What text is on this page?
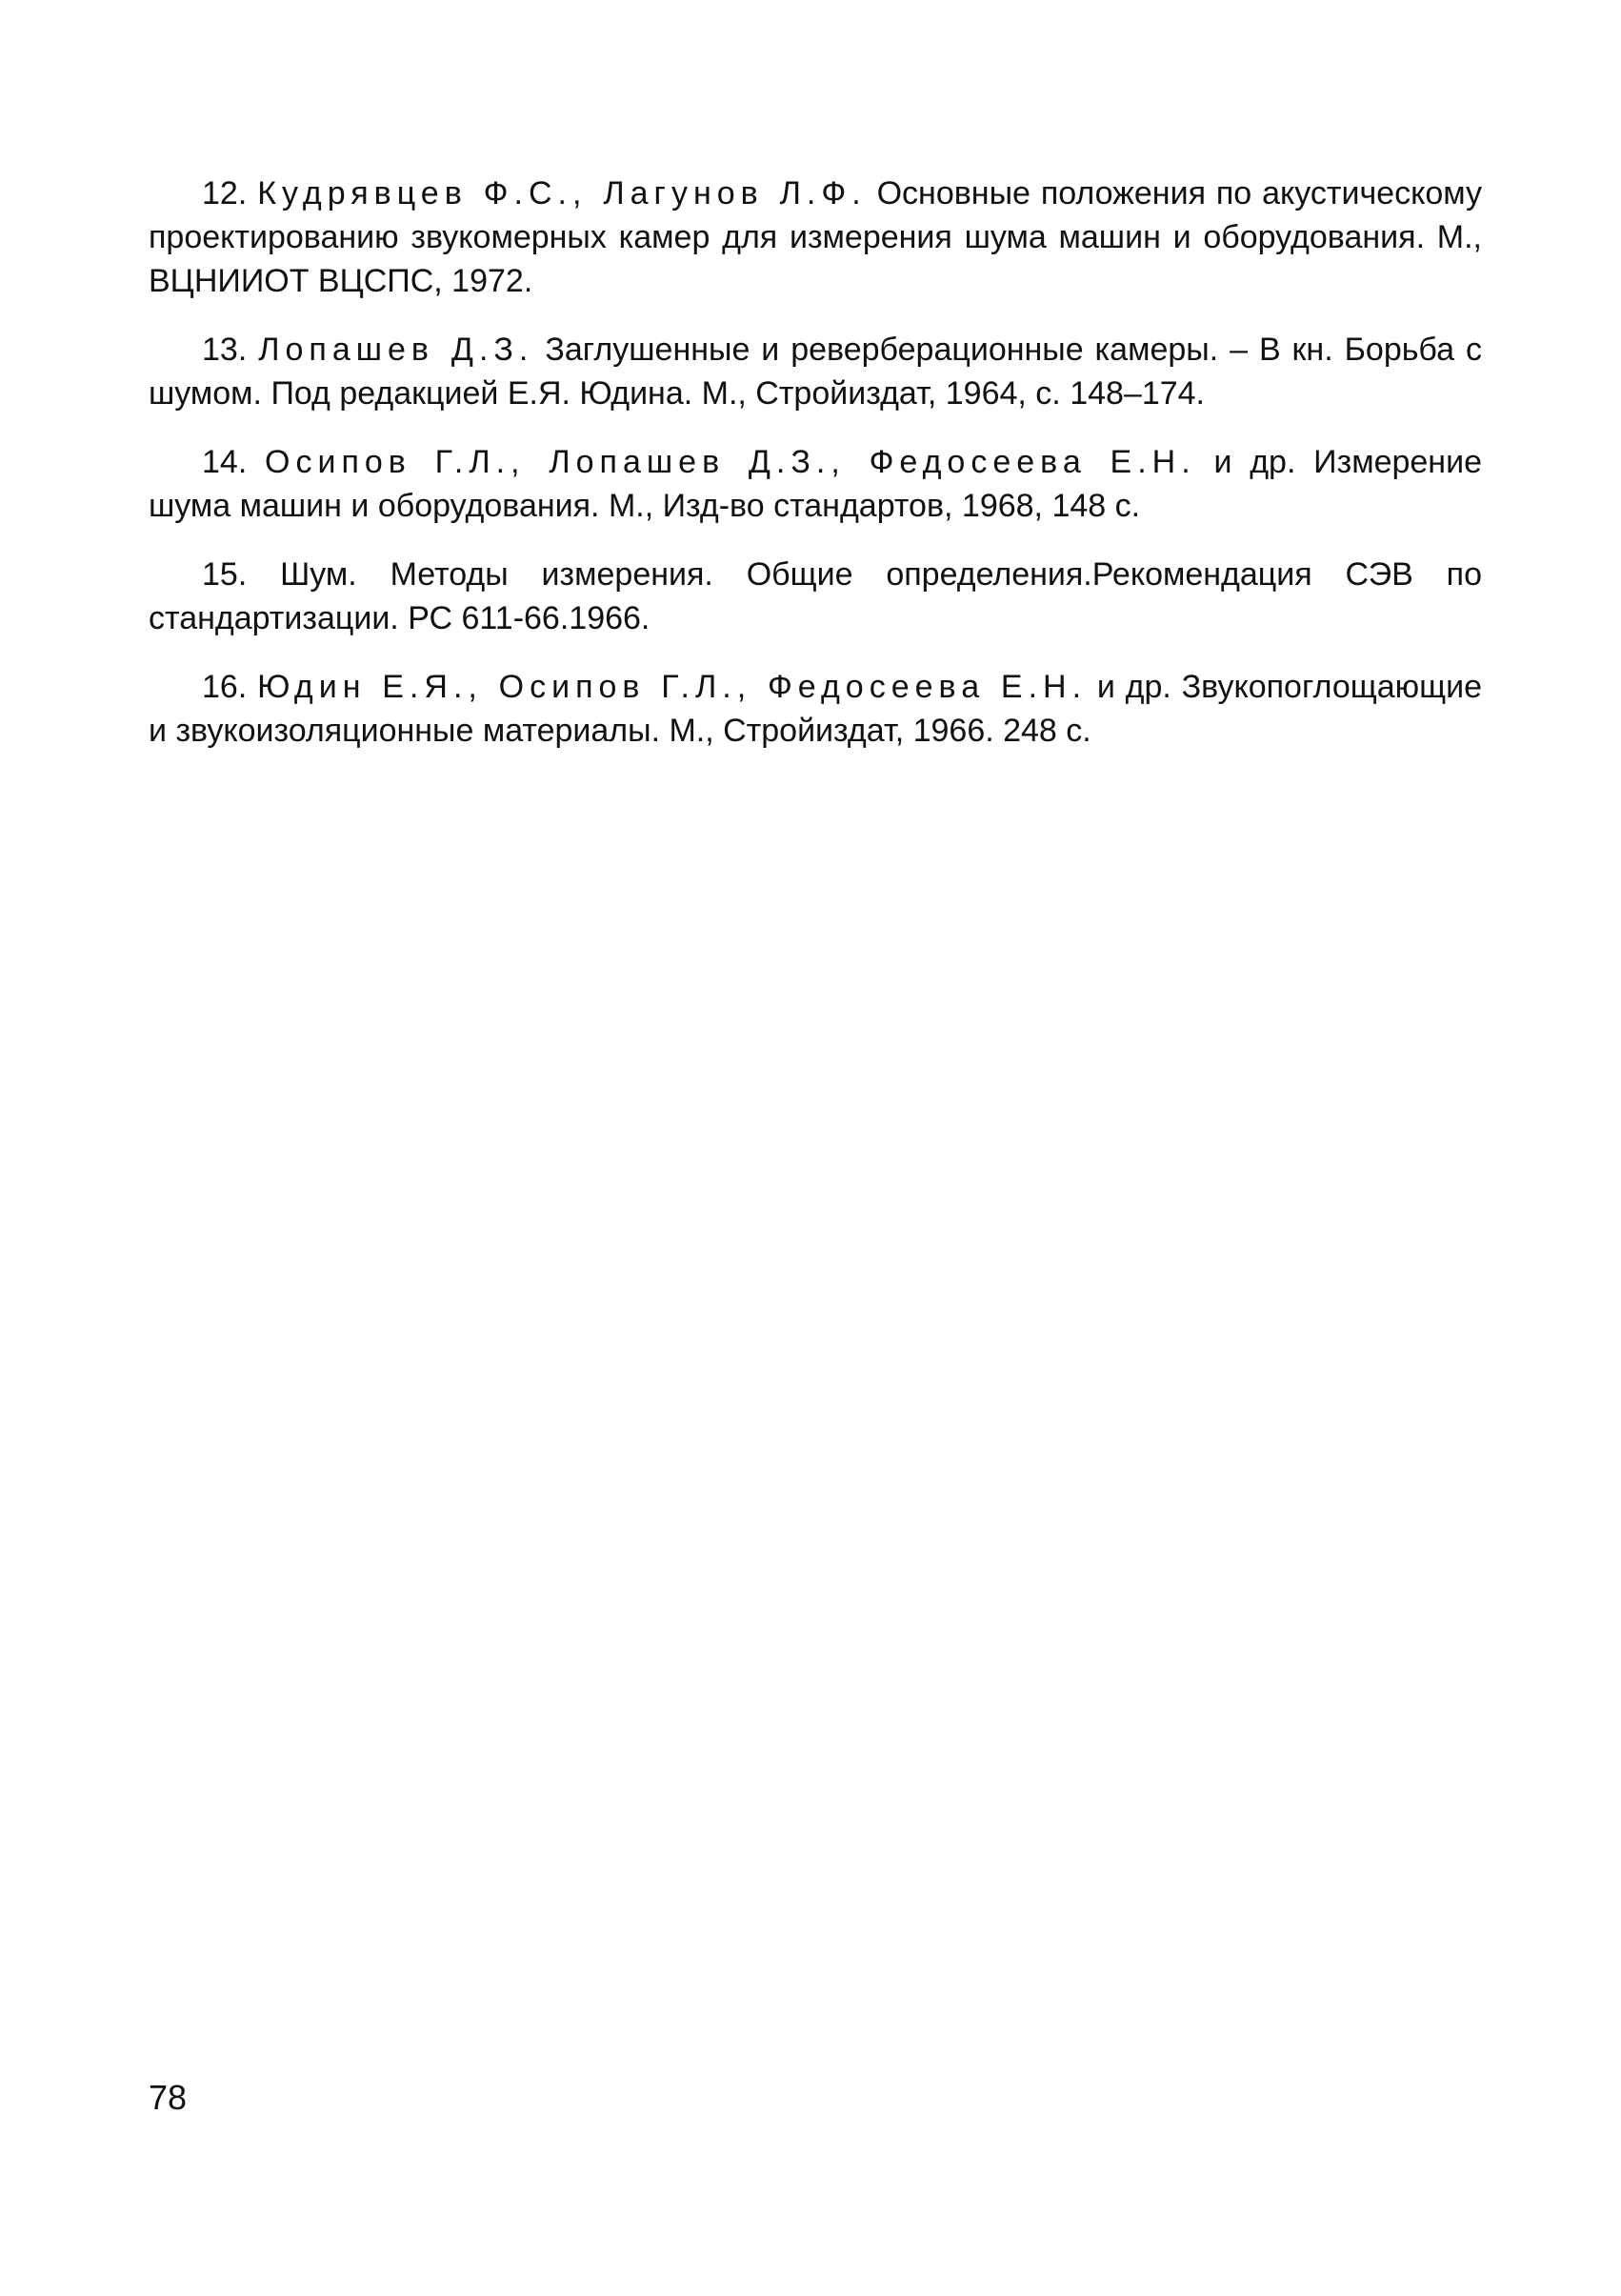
12. Кудрявцев Ф.С., Лагунов Л.Ф. Основные положения по акустическому проектированию звукомерных камер для измерения шума машин и оборудования. М., ВЦНИИОТ ВЦСПС, 1972.

13. Лопашев Д.З. Заглушенные и реверберационные камеры. – В кн. Борьба с шумом. Под редакцией Е.Я. Юдина. М., Стройиздат, 1964, с. 148–174.

14. Осипов Г.Л., Лопашев Д.З., Федосеева Е.Н. и др. Измерение шума машин и оборудования. М., Изд-во стандартов, 1968, 148 с.

15. Шум. Методы измерения. Общие определения.Рекомендация СЭВ по стандартизации. РС 611-66.1966.

16. Юдин Е.Я., Осипов Г.Л., Федосеева Е.Н. и др. Звукопоглощающие и звукоизоляционные материалы. М., Стройиздат, 1966. 248 с.

78
